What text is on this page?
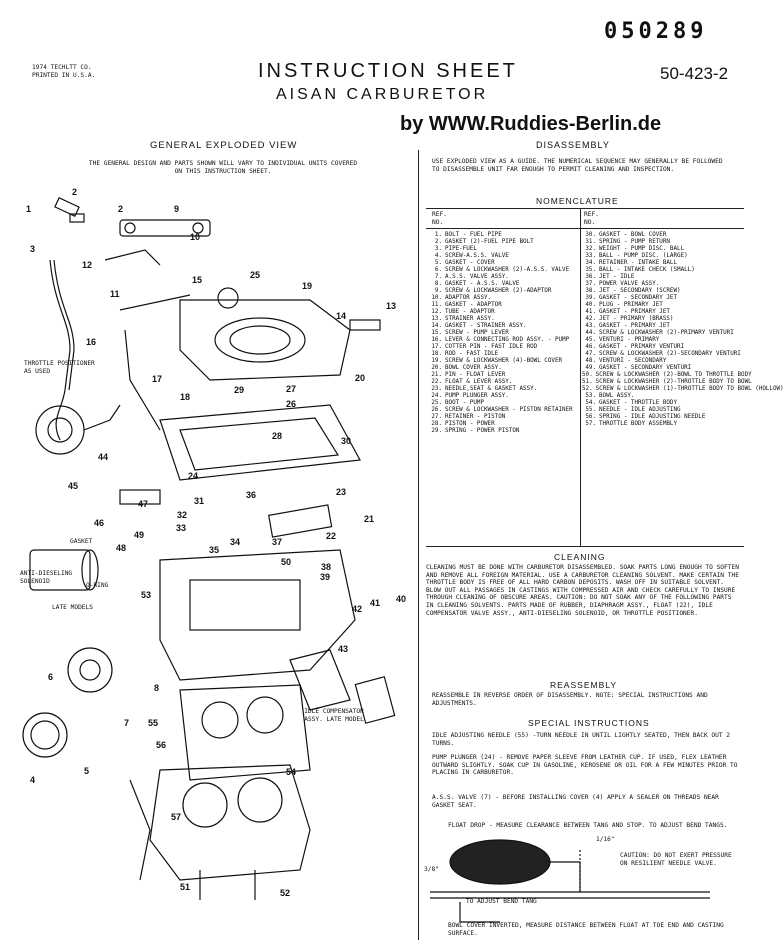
050289
1974 TECHLTT CO.
PRINTED IN U.S.A.	INSTRUCTION SHEET
AISAN CARBURETOR
50-423-2
by WWW.Ruddies-Berlin.de
GENERAL EXPLODED VIEW
THE GENERAL DESIGN AND PARTS SHOWN WILL VARY TO INDIVIDUAL UNITS COVERED ON THIS INSTRUCTION SHEET.
1
2
2
3
9
10
11
12
13
14
15
16
17
18
19
20
21
22
23
24
25
26
27
28
29
30
31
32
33
34
35
36
37
38
39
40
41
42
43
44
45
46
47
48
49
50
51
52
53
54
55
56
57
4
5
6
7
8
THROTTLE POSITIONER AS USED
GASKET
ANTI-DIESELING SOLENOID
O-RING
LATE MODELS
IDLE COMPENSATOR ASSY. LATE MODEL
DISASSEMBLY
USE EXPLODED VIEW AS A GUIDE. THE NUMERICAL SEQUENCE MAY GENERALLY BE FOLLOWED TO DISASSEMBLE UNIT FAR ENOUGH TO PERMIT CLEANING AND INSPECTION.
NOMENCLATURE
REF. NO.
REF. NO.
1. BOLT - FUEL PIPE
2. GASKET (2)-FUEL PIPE BOLT
3. PIPE-FUEL
4. SCREW-A.S.S. VALVE
5. GASKET - COVER
6. SCREW & LOCKWASHER (2)-A.S.S. VALVE
7. A.S.S. VALVE ASSY.
8. GASKET - A.S.S. VALVE
9. SCREW & LOCKWASHER (2)-ADAPTOR
10. ADAPTOR ASSY.
11. GASKET - ADAPTOR
12. TUBE - ADAPTOR
13. STRAINER ASSY.
14. GASKET - STRAINER ASSY.
15. SCREW - PUMP LEVER
16. LEVER & CONNECTING ROD ASSY. - PUMP
17. COTTER PIN - FAST IDLE ROD
18. ROD - FAST IDLE
19. SCREW & LOCKWASHER (4)-BOWL COVER
20. BOWL COVER ASSY.
21. PIN - FLOAT LEVER
22. FLOAT & LEVER ASSY.
23. NEEDLE,SEAT & GASKET ASSY.
24. PUMP PLUNGER ASSY.
25. BOOT - PUMP
26. SCREW & LOCKWASHER - PISTON RETAINER
27. RETAINER - PISTON
28. PISTON - POWER
29. SPRING - POWER PISTON
30. GASKET - BOWL COVER
31. SPRING - PUMP RETURN
32. WEIGHT - PUMP DISC. BALL
33. BALL - PUMP DISC. (LARGE)
34. RETAINER - INTAKE BALL
35. BALL - INTAKE CHECK (SMALL)
36. JET - IDLE
37. POWER VALVE ASSY.
38. JET - SECONDARY (SCREW)
39. GASKET - SECONDARY JET
40. PLUG - PRIMARY JET
41. GASKET - PRIMARY JET
42. JET - PRIMARY (BRASS)
43. GASKET - PRIMARY JET
44. SCREW & LOCKWASHER (2)-PRIMARY VENTURI
45. VENTURI - PRIMARY
46. GASKET - PRIMARY VENTURI
47. SCREW & LOCKWASHER (2)-SECONDARY VENTURI
48. VENTURI - SECONDARY
49. GASKET - SECONDARY VENTURI
50. SCREW & LOCKWASHER (2)-BOWL TO THROTTLE BODY
51. SCREW & LOCKWASHER (2)-THROTTLE BODY TO BOWL
52. SCREW & LOCKWASHER (1)-THROTTLE BODY TO BOWL (HOLLOW)
53. BOWL ASSY.
54. GASKET - THROTTLE BODY
55. NEEDLE - IDLE ADJUSTING
56. SPRING - IDLE ADJUSTING NEEDLE
57. THROTTLE BODY ASSEMBLY
CLEANING
CLEANING MUST BE DONE WITH CARBURETOR DISASSEMBLED. SOAK PARTS LONG ENOUGH TO SOFTEN AND REMOVE ALL FOREIGN MATERIAL. USE A CARBURETOR CLEANING SOLVENT. MAKE CERTAIN THE THROTTLE BODY IS FREE OF ALL HARD CARBON DEPOSITS. WASH OFF IN SUITABLE SOLVENT. BLOW OUT ALL PASSAGES IN CASTINGS WITH COMPRESSED AIR AND CHECK CAREFULLY TO INSURE THROUGH CLEANING OF OBSCURE AREAS. CAUTION: DO NOT SOAK ANY OF THE FOLLOWING PARTS IN CLEANING SOLVENTS. PARTS MADE OF RUBBER, DIAPHRAGM ASSY., FLOAT (22), IDLE COMPENSATOR VALVE ASSY., ANTI-DIESELING SOLENOID, OR THROTTLE POSITIONER.
REASSEMBLY
REASSEMBLE IN REVERSE ORDER OF DISASSEMBLY. NOTE: SPECIAL INSTRUCTIONS AND ADJUSTMENTS.
SPECIAL INSTRUCTIONS
IDLE ADJUSTING NEEDLE (55) -TURN NEEDLE IN UNTIL LIGHTLY SEATED, THEN BACK OUT 2 TURNS.
PUMP PLUNGER (24) - REMOVE PAPER SLEEVE FROM LEATHER CUP. IF USED, FLEX LEATHER OUTWARD SLIGHTLY. SOAK CUP IN GASOLINE, KEROSENE OR OIL FOR A FEW MINUTES PRIOR TO PLACING IN CARBURETOR.
A.S.S. VALVE (7) - BEFORE INSTALLING COVER (4) APPLY A SEALER ON THREADS NEAR GASKET SEAT.
FLOAT DROP - MEASURE CLEARANCE BETWEEN TANG AND STOP. TO ADJUST BEND TANGS.
1/16"
3/8"
CAUTION: DO NOT EXERT PRESSURE ON RESILIENT NEEDLE VALVE.
TO ADJUST BEND TANG
BOWL COVER INVERTED, MEASURE DISTANCE BETWEEN FLOAT AT TOE END AND CASTING SURFACE.
